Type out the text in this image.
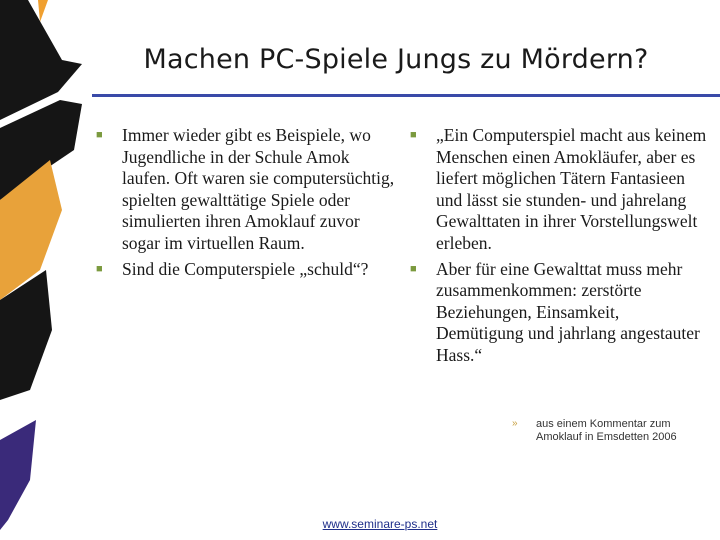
Machen PC-Spiele Jungs zu Mördern?
■ Immer wieder gibt es Beispiele, wo Jugendliche in der Schule Amok laufen. Oft waren sie computersüchtig, spielten gewalttätige Spiele oder simulierten ihren Amoklauf zuvor sogar im virtuellen Raum.
■ Sind die Computerspiele „schuld“?
■ „Ein Computerspiel macht aus keinem Menschen einen Amokläufer, aber es liefert möglichen Tätern Fantasieen und lässt sie stunden- und jahrelang Gewalttaten in ihrer Vorstellungswelt erleben.
■ Aber für eine Gewalttat muss mehr zusammenkommen: zerstörte Beziehungen, Einsamkeit, Demütigung und jahrlang angestauter Hass.“
»	aus einem Kommentar zum Amoklauf in Emsdetten 2006
www.seminare-ps.net
